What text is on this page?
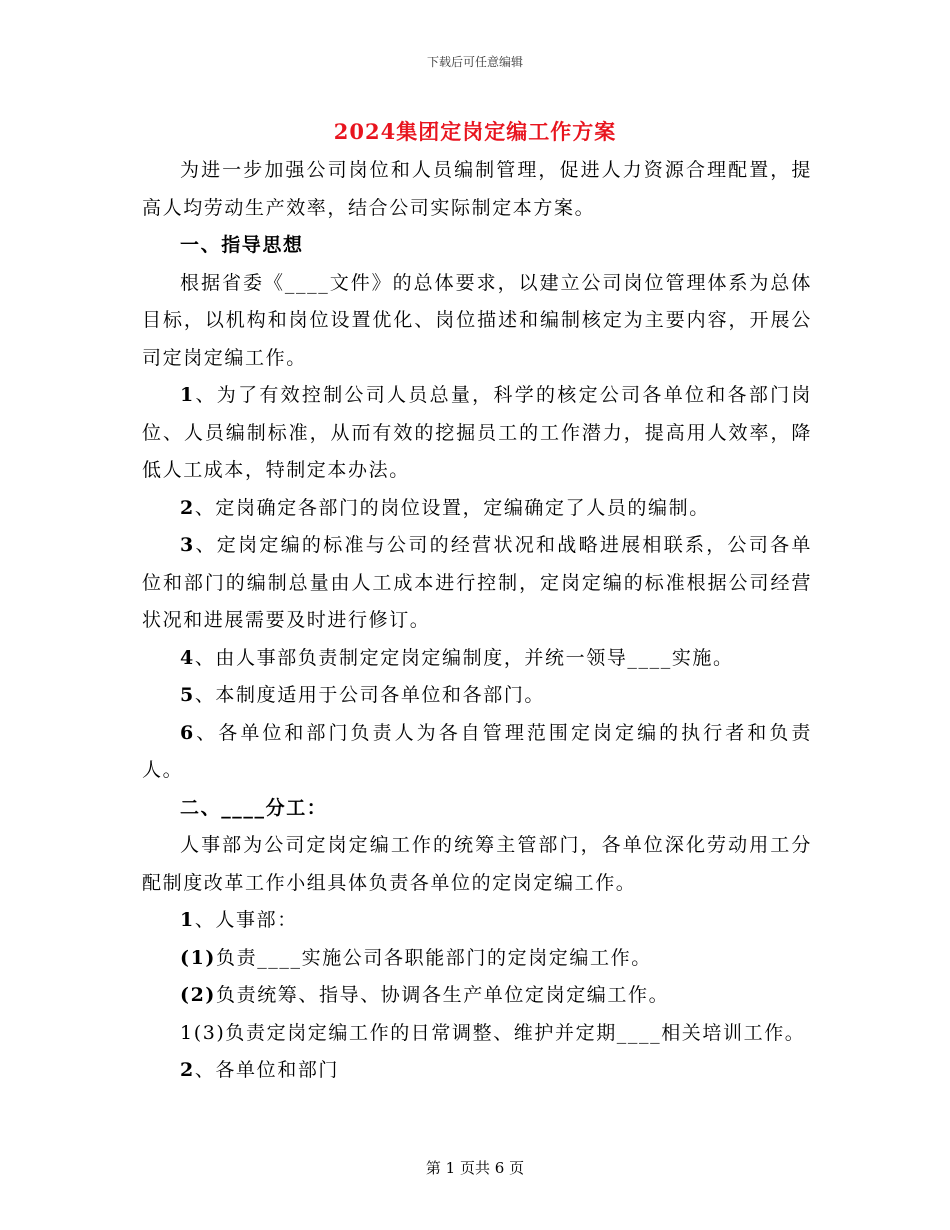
下载后可任意编辑
2024集团定岗定编工作方案

为进一步加强公司岗位和人员编制管理，促进人力资源合理配置，提高人均劳动生产效率，结合公司实际制定本方案。

一、指导思想

根据省委《____文件》的总体要求，以建立公司岗位管理体系为总体目标，以机构和岗位设置优化、岗位描述和编制核定为主要内容，开展公司定岗定编工作。

1、为了有效控制公司人员总量，科学的核定公司各单位和各部门岗位、人员编制标准，从而有效的挖掘员工的工作潜力，提高用人效率，降低人工成本，特制定本办法。

2、定岗确定各部门的岗位设置，定编确定了人员的编制。

3、定岗定编的标准与公司的经营状况和战略进展相联系，公司各单位和部门的编制总量由人工成本进行控制，定岗定编的标准根据公司经营状况和进展需要及时进行修订。

4、由人事部负责制定定岗定编制度，并统一领导____实施。

5、本制度适用于公司各单位和各部门。

6、各单位和部门负责人为各自管理范围定岗定编的执行者和负责人。

二、____分工：

人事部为公司定岗定编工作的统筹主管部门，各单位深化劳动用工分配制度改革工作小组具体负责各单位的定岗定编工作。

1、人事部：

(1)负责____实施公司各职能部门的定岗定编工作。

(2)负责统筹、指导、协调各生产单位定岗定编工作。

1(3)负责定岗定编工作的日常调整、维护并定期____相关培训工作。

2、各单位和部门

第 1 页共 6 页
